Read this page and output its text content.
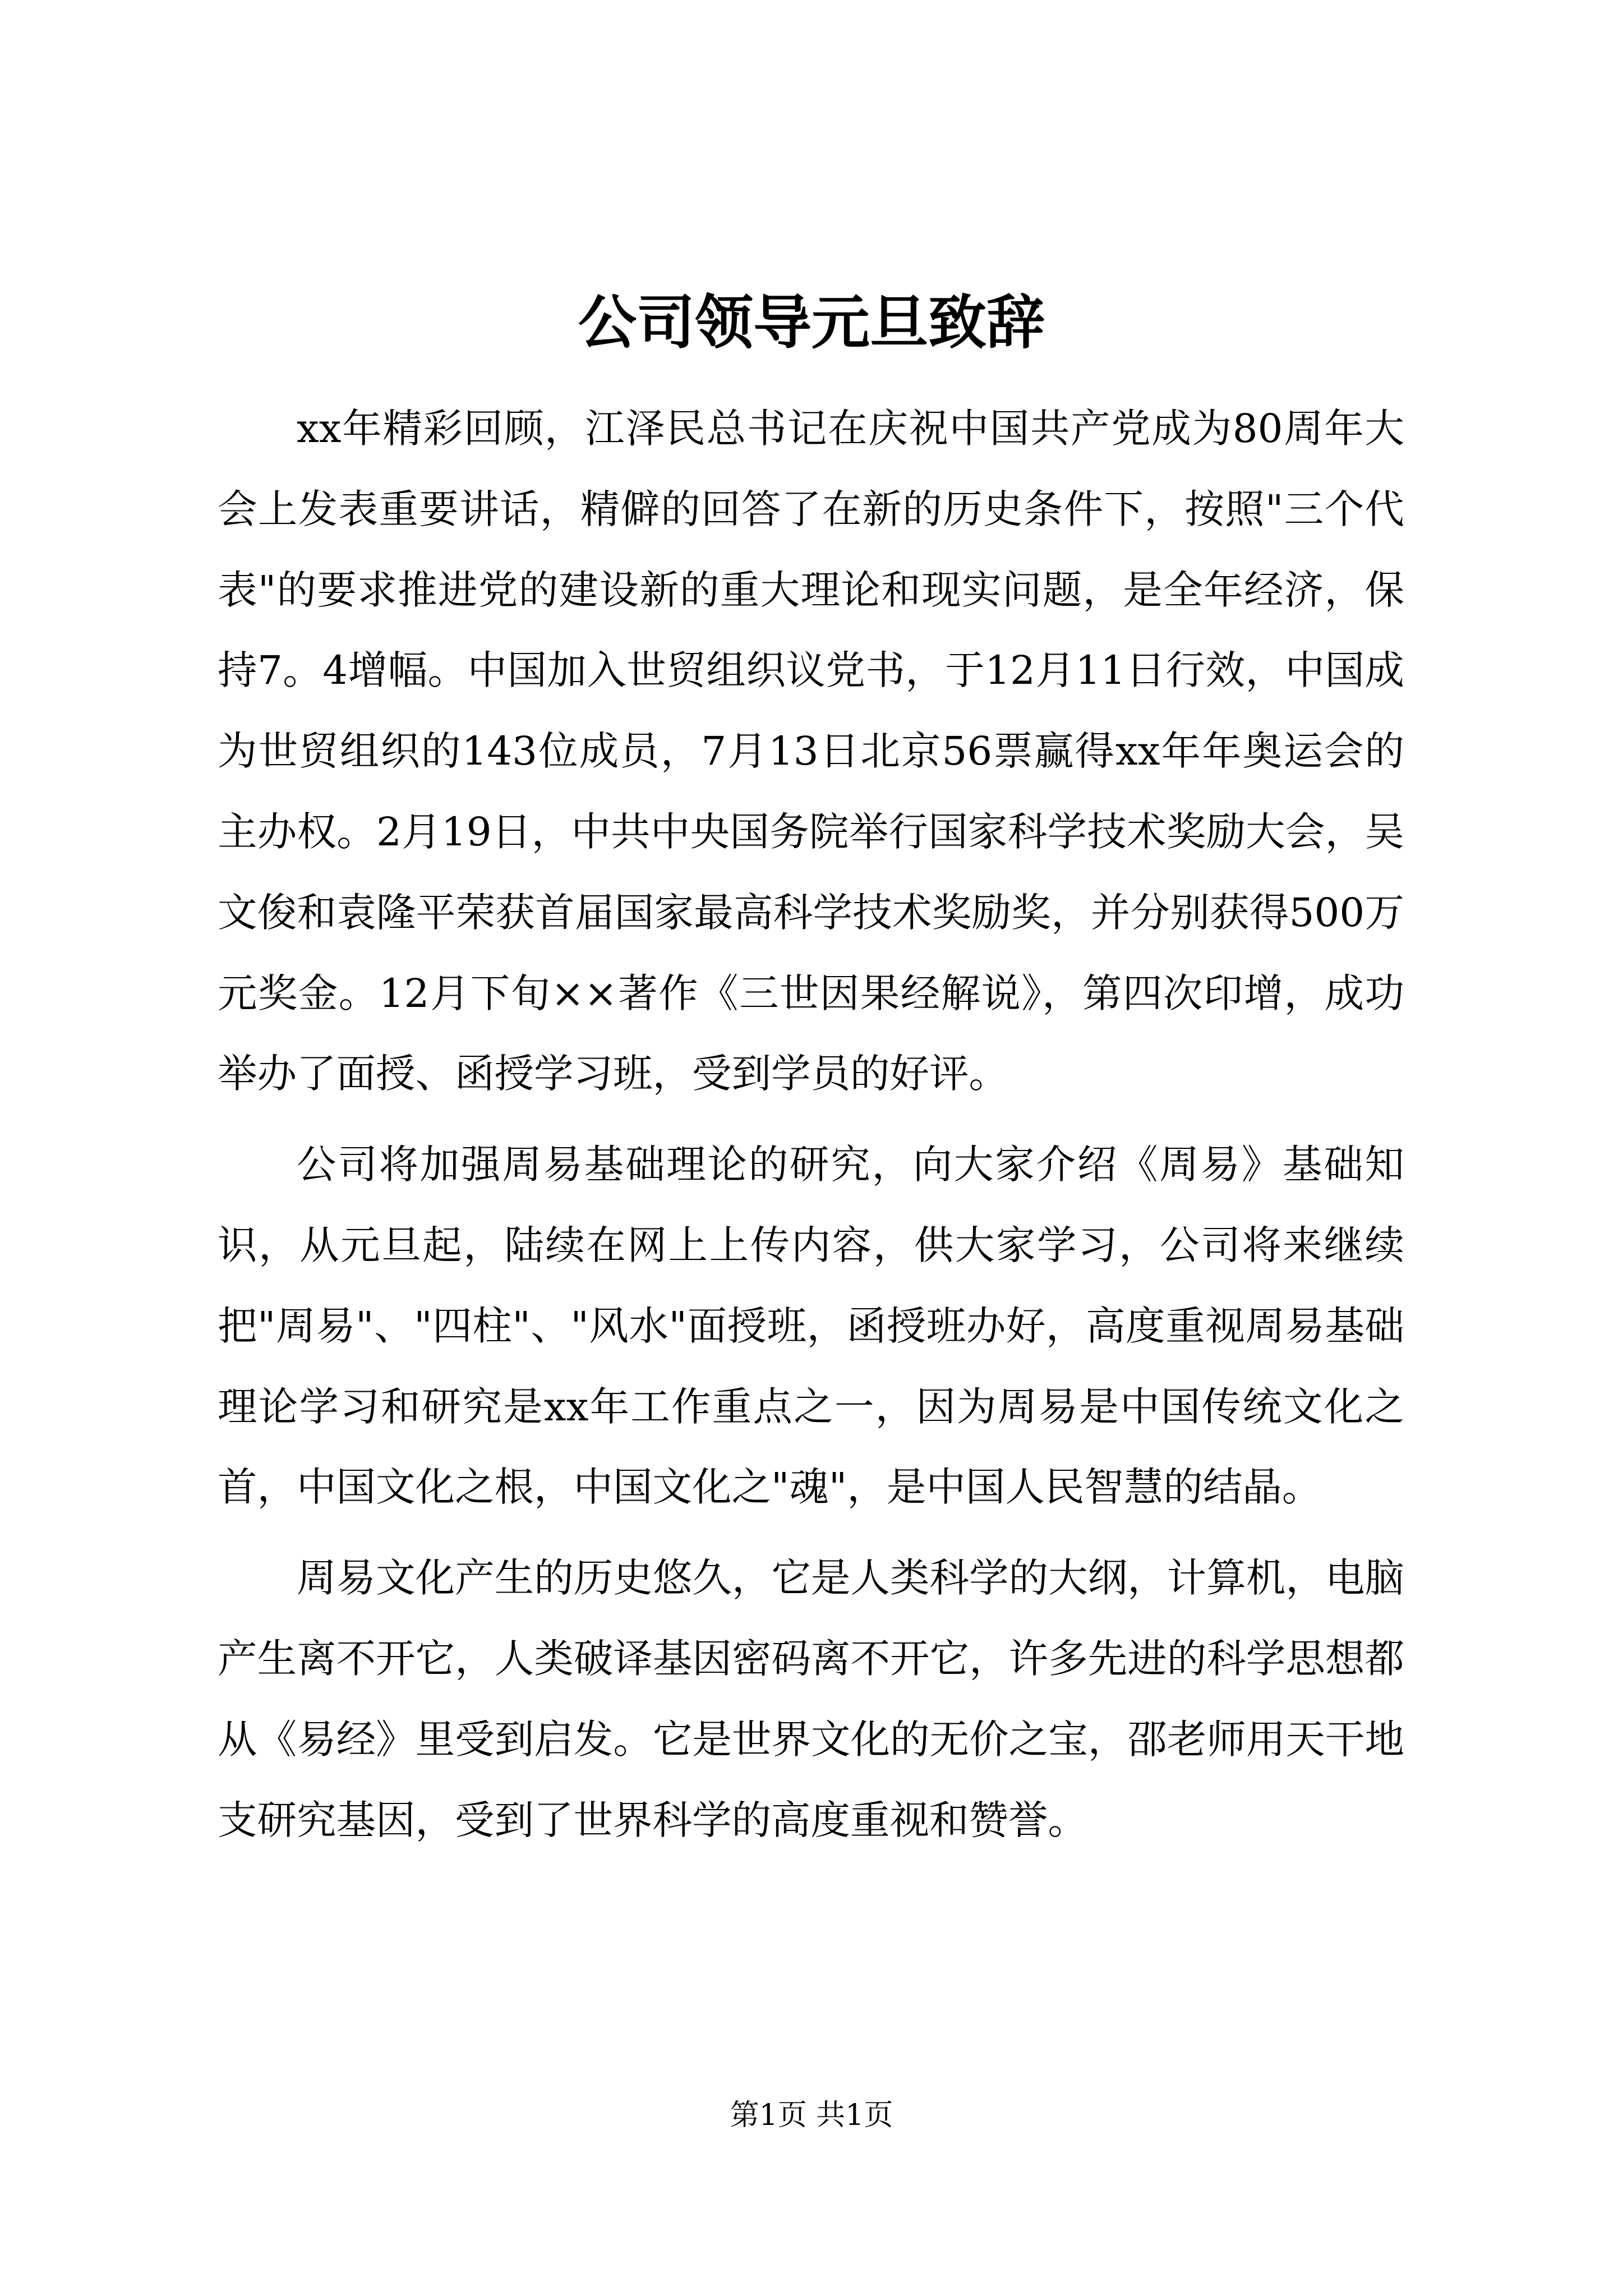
公司领导元旦致辞

xx年精彩回顾，江泽民总书记在庆祝中国共产党成为80周年大会上发表重要讲话，精僻的回答了在新的历史条件下，按照"三个代表"的要求推进党的建设新的重大理论和现实问题，是全年经济，保持7。4增幅。中国加入世贸组织议党书，于12月11日行效，中国成为世贸组织的143位成员，7月13日北京56票赢得xx年年奥运会的主办权。2月19日，中共中央国务院举行国家科学技术奖励大会，吴文俊和袁隆平荣获首届国家最高科学技术奖励奖，并分别获得500万元奖金。12月下旬××著作《三世因果经解说》，第四次印增，成功举办了面授、函授学习班，受到学员的好评。

公司将加强周易基础理论的研究，向大家介绍《周易》基础知识，从元旦起，陆续在网上上传内容，供大家学习，公司将来继续把"周易"、"四柱"、"风水"面授班，函授班办好，高度重视周易基础理论学习和研究是xx年工作重点之一，因为周易是中国传统文化之首，中国文化之根，中国文化之"魂"，是中国人民智慧的结晶。

周易文化产生的历史悠久，它是人类科学的大纲，计算机，电脑产生离不开它，人类破译基因密码离不开它，许多先进的科学思想都从《易经》里受到启发。它是世界文化的无价之宝，邵老师用天干地支研究基因，受到了世界科学的高度重视和赞誉。

第1页 共1页
